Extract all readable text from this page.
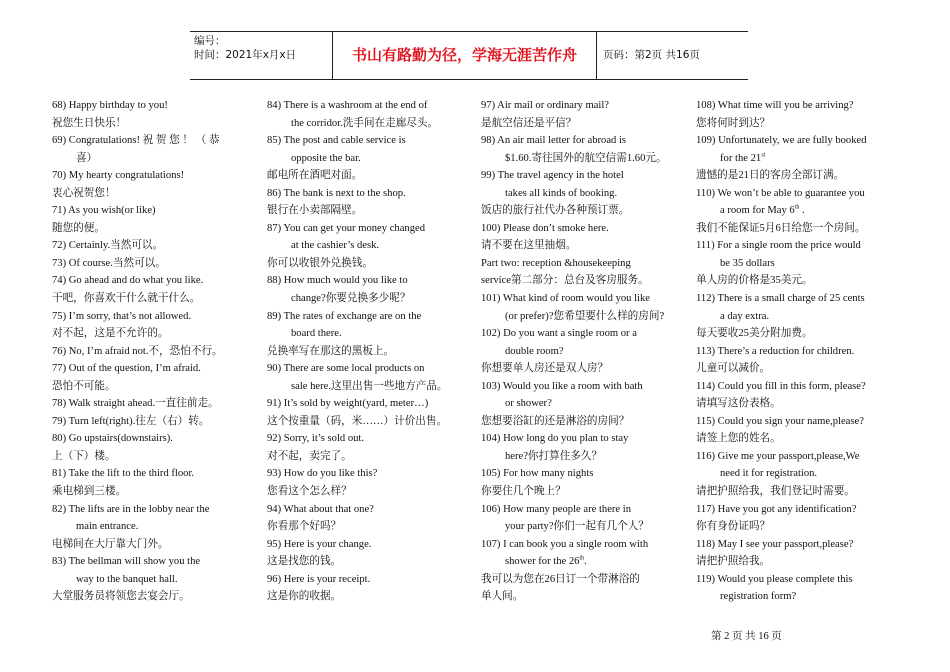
编号：
时间：2021年x月x日	书山有路勤为径，学海无涯苦作舟	页码：第2页 共16页
68) Happy birthday to you!
祝您生日快乐！
69) Congratulations! 祝 贺 您 ！ （ 恭
喜）
70) My hearty congratulations!
衷心祝贺您！
71) As you wish(or like)
随您的便。
72) Certainly.当然可以。
73) Of course.当然可以。
74) Go ahead and do what you like.
干吧，你喜欢干什么就干什么。
75) I’m sorry, that’s not allowed.
对不起，这是不允许的。
76) No, I’m afraid not.不，恐怕不行。
77) Out of the question, I’m afraid.
恐怕不可能。
78) Walk straight ahead.一直往前走。
79) Turn left(right).往左（右）转。
80) Go upstairs(downstairs).
上（下）楼。
81) Take the lift to the third floor.
乘电梯到三楼。
82) The lifts are in the lobby near the
main entrance.
电梯间在大厅靠大门外。
83) The bellman will show you the
way to the banquet hall.
大堂服务员将领您去宴会厅。
84) There is a washroom at the end of
the corridor.洗手间在走廊尽头。
85) The post and cable service is
opposite the bar.
邮电所在酒吧对面。
86) The bank is next to the shop.
银行在小卖部隔壁。
87) You can get your money changed
at the cashier’s desk.
你可以收银外兑换钱。
88) How much would you like to
change?你要兑换多少呢？
89) The rates of exchange are on the
board there.
兑换率写在那这的黑板上。
90) There are some local products on
sale here.这里出售一些地方产品。
91) It’s sold by weight(yard, meter…)
这个按重量（码，米……）计价出售。
92) Sorry, it’s sold out.
对不起，卖完了。
93) How do you like this?
您看这个怎么样？
94) What about that one?
你看那个好吗？
95) Here is your change.
这是找您的钱。
96) Here is your receipt.
这是你的收据。
97) Air mail or ordinary mail?
是航空信还是平信？
98) An air mail letter for abroad is
$1.60.寄往国外的航空信需1.60元。
99) The travel agency in the hotel
takes all kinds of booking.
饭店的旅行社代办各种预订票。
100) Please don’t smoke here.
请不要在这里抽烟。
Part two: reception &housekeeping
service第二部分：总台及客房服务。
101) What kind of room would you like
(or prefer)?您希望要什么样的房间?
102) Do you want a single room or a
double room?
你想要单人房还是双人房？
103) Would you like a room with bath
or shower?
您想要浴缸的还是淋浴的房间？
104) How long do you plan to stay
here?你打算住多久？
105) For how many nights
你要住几个晚上？
106) How many people are there in
your party?你们一起有几个人？
107) I can book you a single room with
shower for the 26th.
我可以为您在26日订一个带淋浴的
单人间。
108) What time will you be arriving?
您将何时到达？
109) Unfortunately, we are fully booked
for the 21st
遗憾的是21日的客房全部订满。
110) We won’t be able to guarantee you
a room for May 6th .
我们不能保证5月6日给您一个房间。
111) For a single room the price would
be 35 dollars
单人房的价格是35美元。
112) There is a small charge of 25 cents
a day extra.
每天要收25美分附加费。
113) There’s a reduction for children.
儿童可以减价。
114) Could you fill in this form, please?
请填写这份表格。
115) Could you sign your name,please?
请签上您的姓名。
116) Give me your passport,please,We
need it for registration.
请把护照给我，我们登记时需要。
117) Have you got any identification?
你有身份证吗？
118) May I see your passport,please?
请把护照给我。
119) Would you please complete this
registration form?
第 2 页 共 16 页
